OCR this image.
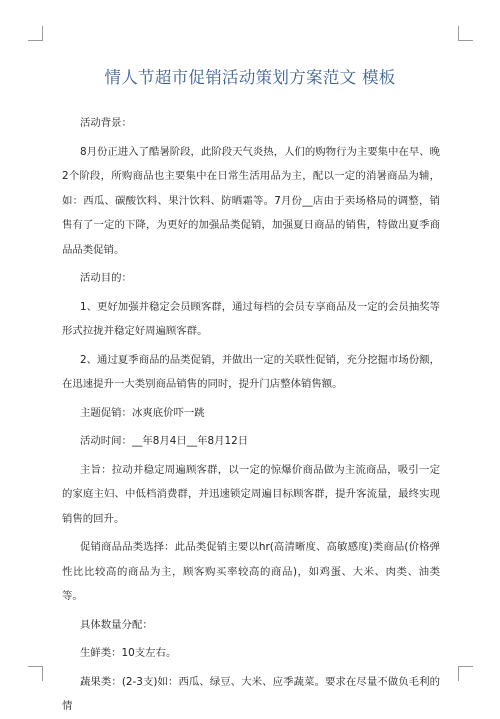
情人节超市促销活动策划方案范文 模板

活动背景：

8月份正进入了酷暑阶段，此阶段天气炎热，人们的购物行为主要集中在早、晚2个阶段，所购商品也主要集中在日常生活用品为主，配以一定的消暑商品为辅，如：西瓜、碳酸饮料、果汁饮料、防晒霜等。7月份__店由于卖场格局的调整，销售有了一定的下降，为更好的加强品类促销，加强夏日商品的销售，特做出夏季商品品类促销。

活动目的：

1、更好加强并稳定会员顾客群，通过每档的会员专享商品及一定的会员抽奖等形式拉拢并稳定好周遍顾客群。

2、通过夏季商品的品类促销，并做出一定的关联性促销，充分挖掘市场份额，在迅速提升一大类别商品销售的同时，提升门店整体销售额。

主题促销：冰爽底价吓一跳

活动时间：__年8月4日__年8月12日

主旨：拉动并稳定周遍顾客群，以一定的惊爆价商品做为主流商品，吸引一定的家庭主妇、中低档消费群，并迅速锁定周遍目标顾客群，提升客流量，最终实现销售的回升。

促销商品品类选择：此品类促销主要以hr(高清晰度、高敏感度)类商品(价格弹性比比较高的商品为主，顾客购买率较高的商品)，如鸡蛋、大米、肉类、油类等。

具体数量分配：

生鲜类：10支左右。

蔬果类：(2-3支)如：西瓜、绿豆、大米、应季蔬菜。要求在尽量不做负毛利的情
